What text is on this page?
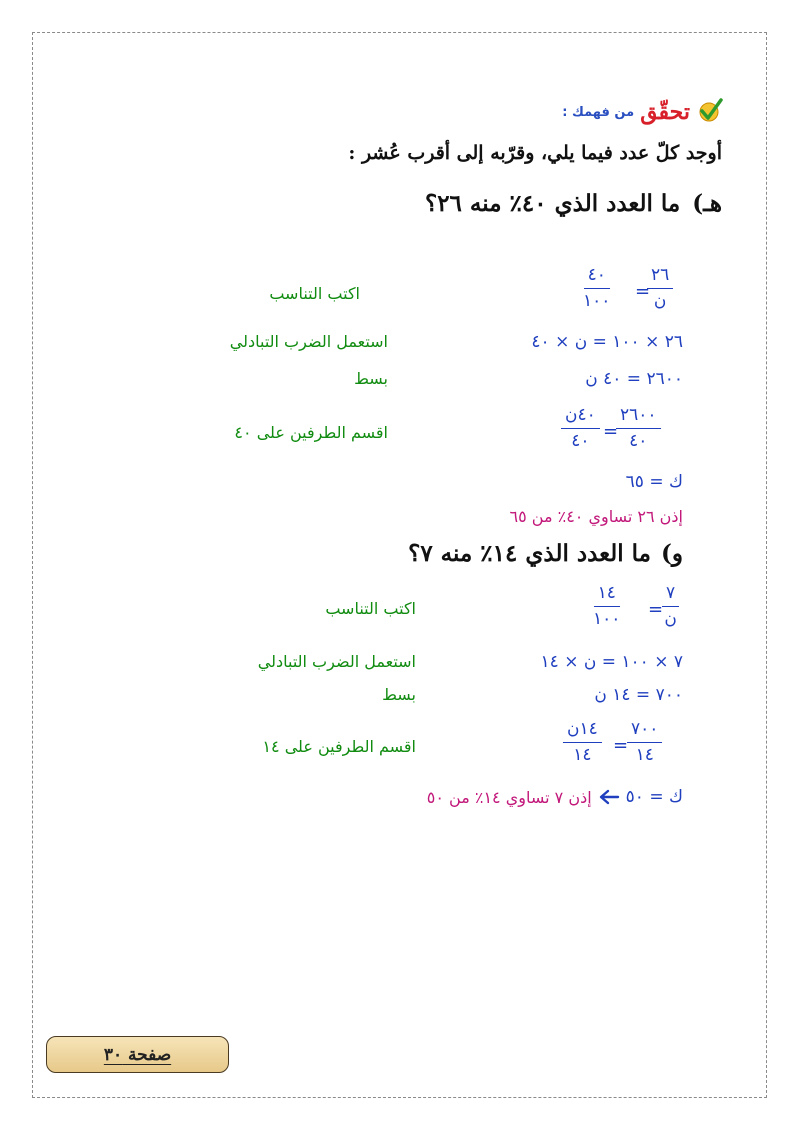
تحقّق
من فهمك :
أوجد كلّ عدد فيما يلي، وقرّبه إلى أقرب عُشر :
هـ)
ما العدد الذي ٤٠٪ منه ٢٦؟
٤٠
١٠٠ =
٢٦
ن
اكتب التناسب
٢٦ × ١٠٠ = ن × ٤٠
استعمل الضرب التبادلي
٢٦٠٠ = ٤٠ ن
بسط
٤٠ن
٤٠ =
٢٦٠٠
٤٠
اقسم الطرفين على ٤٠
ك = ٦٥
إذن ٢٦ تساوي ٤٠٪ من ٦٥
و)
ما العدد الذي ١٤٪ منه ٧؟
١٤
١٠٠ =
٧
ن
اكتب التناسب
٧ × ١٠٠ = ن × ١٤
استعمل الضرب التبادلي
٧٠٠ = ١٤ ن
بسط
١٤ن
١٤ =
٧٠٠
١٤
اقسم الطرفين على ١٤
ك = ٥٠
إذن ٧ تساوي ١٤٪ من ٥٠
صفحة ٣٠
